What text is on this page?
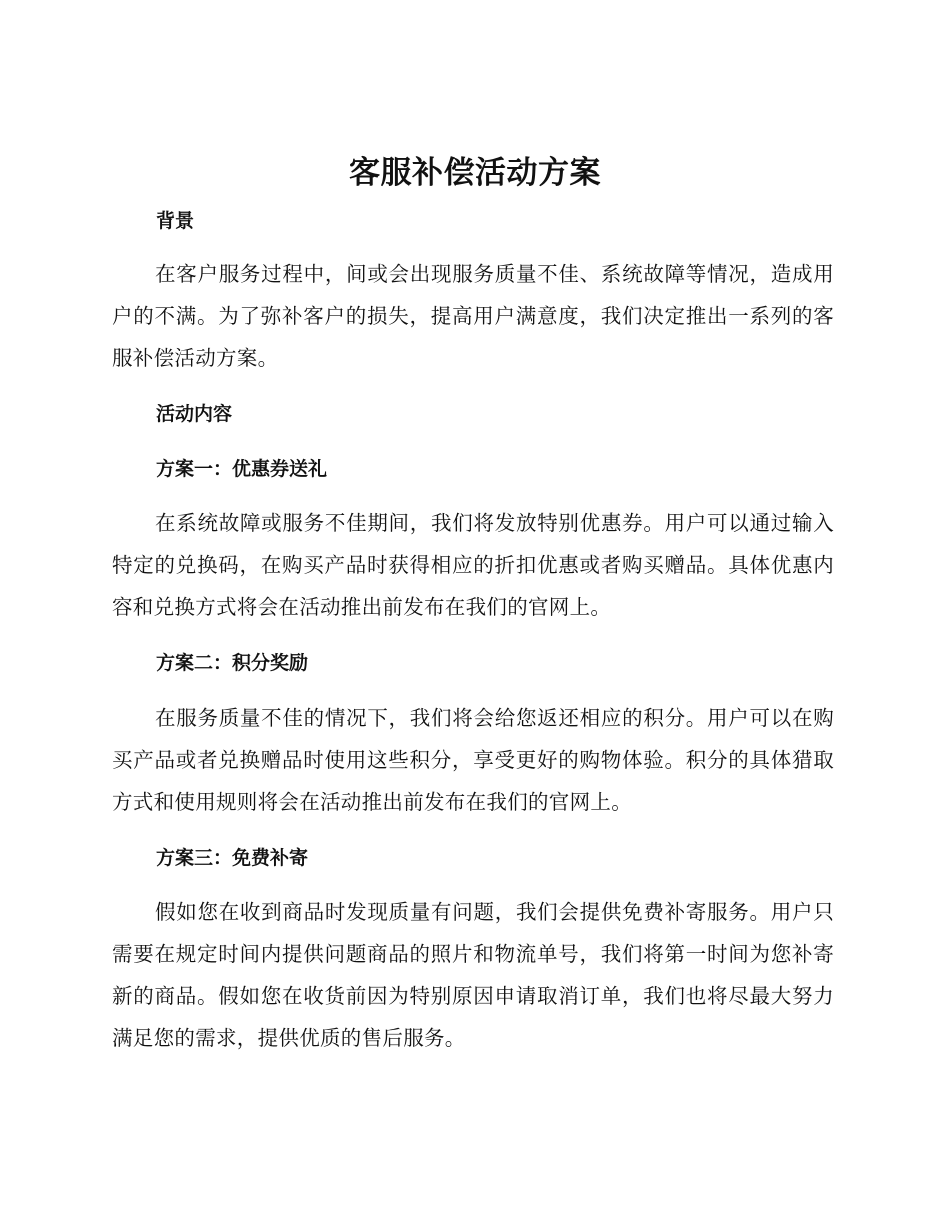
客服补偿活动方案
背景

在客户服务过程中，间或会出现服务质量不佳、系统故障等情况，造成用户的不满。为了弥补客户的损失，提高用户满意度，我们决定推出一系列的客服补偿活动方案。

活动内容
方案一：优惠券送礼

在系统故障或服务不佳期间，我们将发放特别优惠券。用户可以通过输入特定的兑换码，在购买产品时获得相应的折扣优惠或者购买赠品。具体优惠内容和兑换方式将会在活动推出前发布在我们的官网上。

方案二：积分奖励

在服务质量不佳的情况下，我们将会给您返还相应的积分。用户可以在购买产品或者兑换赠品时使用这些积分，享受更好的购物体验。积分的具体猎取方式和使用规则将会在活动推出前发布在我们的官网上。

方案三：免费补寄

假如您在收到商品时发现质量有问题，我们会提供免费补寄服务。用户只需要在规定时间内提供问题商品的照片和物流单号，我们将第一时间为您补寄新的商品。假如您在收货前因为特别原因申请取消订单，我们也将尽最大努力满足您的需求，提供优质的售后服务。
